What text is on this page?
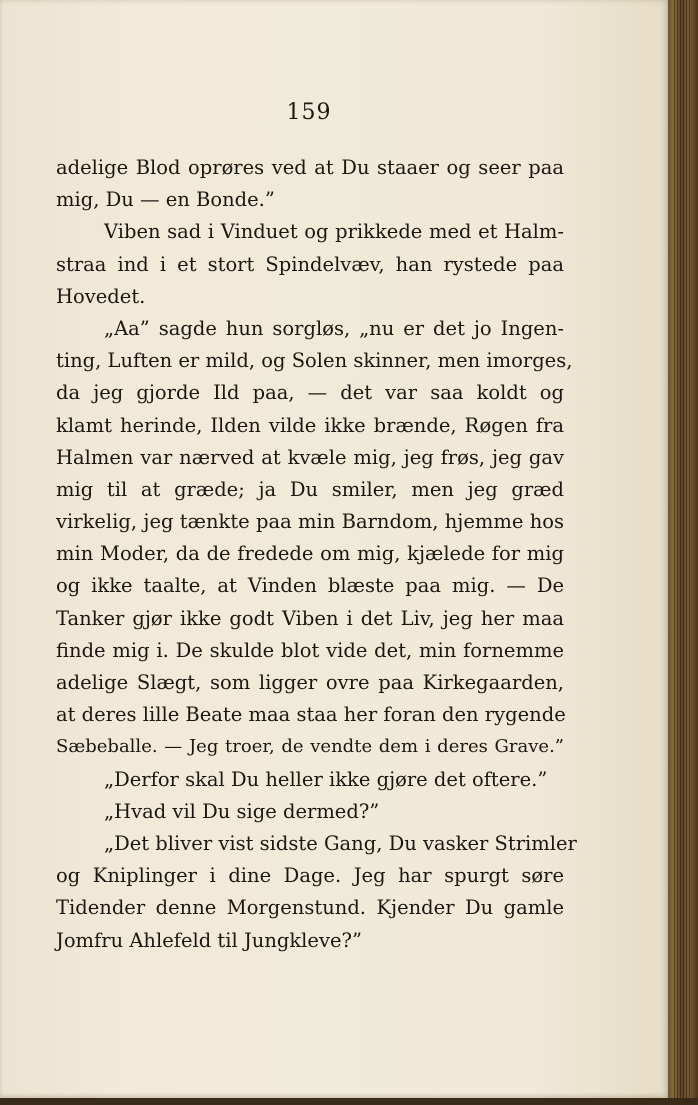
159
adelige Blod oprøres ved at Du staaer og seer paa
mig, Du — en Bonde.”
Viben sad i Vinduet og prikkede med et Halm-
straa ind i et stort Spindelvæv, han rystede paa
Hovedet.
„Aa” sagde hun sorgløs, „nu er det jo Ingen-
ting, Luften er mild, og Solen skinner, men imorges,
da jeg gjorde Ild paa, — det var saa koldt og
klamt herinde, Ilden vilde ikke brænde, Røgen fra
Halmen var nærved at kvæle mig, jeg frøs, jeg gav
mig til at græde; ja Du smiler, men jeg græd
virkelig, jeg tænkte paa min Barndom, hjemme hos
min Moder, da de fredede om mig, kjælede for mig
og ikke taalte, at Vinden blæste paa mig. — De
Tanker gjør ikke godt Viben i det Liv, jeg her maa
finde mig i. De skulde blot vide det, min fornemme
adelige Slægt, som ligger ovre paa Kirkegaarden,
at deres lille Beate maa staa her foran den rygende
Sæbeballe. — Jeg troer, de vendte dem i deres Grave.”
„Derfor skal Du heller ikke gjøre det oftere.”
„Hvad vil Du sige dermed?”
„Det bliver vist sidste Gang, Du vasker Strimler
og Kniplinger i dine Dage. Jeg har spurgt søre
Tidender denne Morgenstund. Kjender Du gamle
Jomfru Ahlefeld til Jungkleve?”
